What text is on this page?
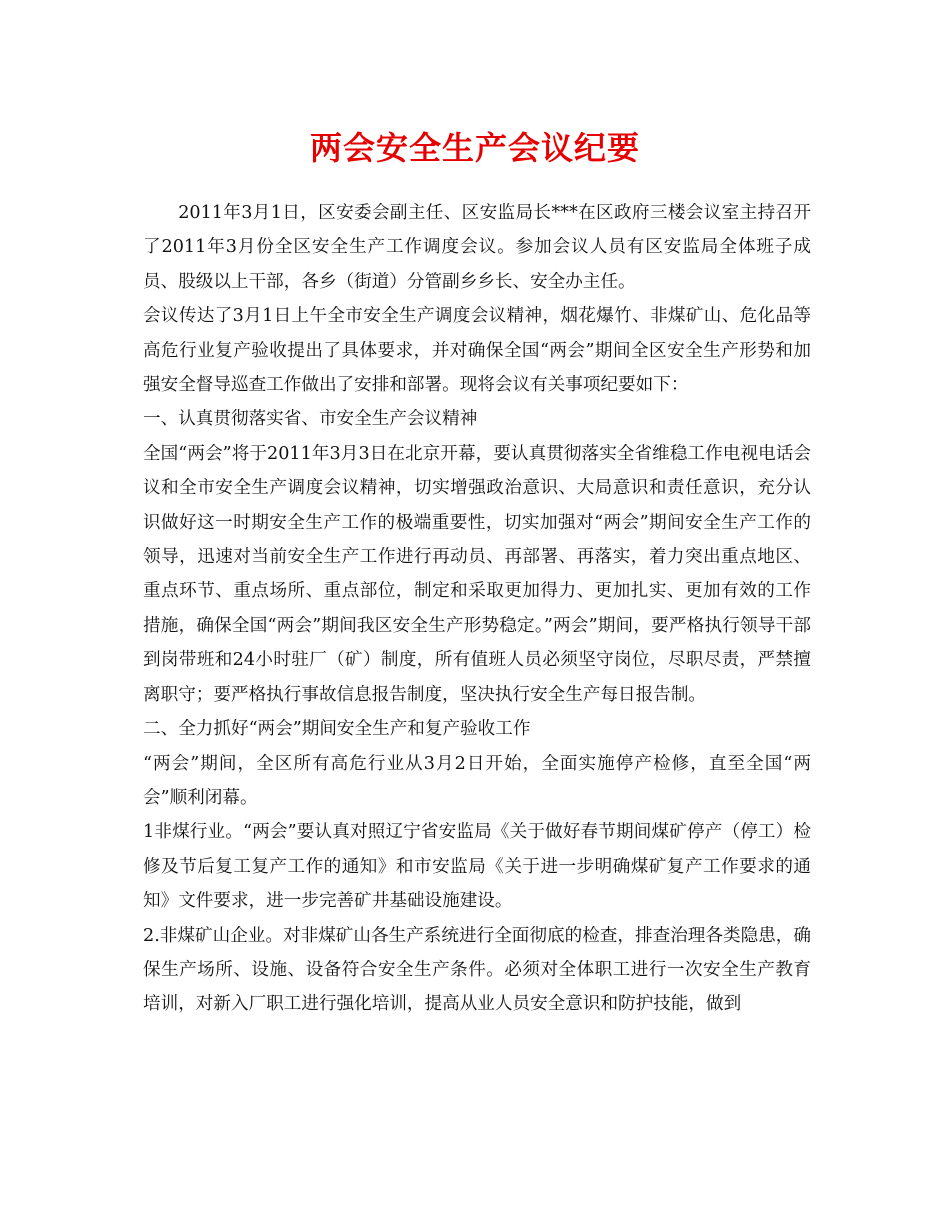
两会安全生产会议纪要

2011年3月1日，区安委会副主任、区安监局长***在区政府三楼会议室主持召开了2011年3月份全区安全生产工作调度会议。参加会议人员有区安监局全体班子成员、股级以上干部，各乡（街道）分管副乡乡长、安全办主任。

会议传达了3月1日上午全市安全生产调度会议精神，烟花爆竹、非煤矿山、危化品等高危行业复产验收提出了具体要求，并对确保全国“两会”期间全区安全生产形势和加强安全督导巡查工作做出了安排和部署。现将会议有关事项纪要如下：

一、认真贯彻落实省、市安全生产会议精神

全国“两会”将于2011年3月3日在北京开幕，要认真贯彻落实全省维稳工作电视电话会议和全市安全生产调度会议精神，切实增强政治意识、大局意识和责任意识，充分认识做好这一时期安全生产工作的极端重要性，切实加强对“两会”期间安全生产工作的领导，迅速对当前安全生产工作进行再动员、再部署、再落实，着力突出重点地区、重点环节、重点场所、重点部位，制定和采取更加得力、更加扎实、更加有效的工作措施，确保全国“两会”期间我区安全生产形势稳定。”两会”期间，要严格执行领导干部到岗带班和24小时驻厂（矿）制度，所有值班人员必须坚守岗位，尽职尽责，严禁擅离职守；要严格执行事故信息报告制度，坚决执行安全生产每日报告制。

二、全力抓好“两会”期间安全生产和复产验收工作

“两会”期间，全区所有高危行业从3月2日开始，全面实施停产检修，直至全国“两会”顺利闭幕。

1非煤行业。“两会”要认真对照辽宁省安监局《关于做好春节期间煤矿停产（停工）检修及节后复工复产工作的通知》和市安监局《关于进一步明确煤矿复产工作要求的通知》文件要求，进一步完善矿井基础设施建设。

2.非煤矿山企业。对非煤矿山各生产系统进行全面彻底的检查，排查治理各类隐患，确保生产场所、设施、设备符合安全生产条件。必须对全体职工进行一次安全生产教育培训，对新入厂职工进行强化培训，提高从业人员安全意识和防护技能，做到
